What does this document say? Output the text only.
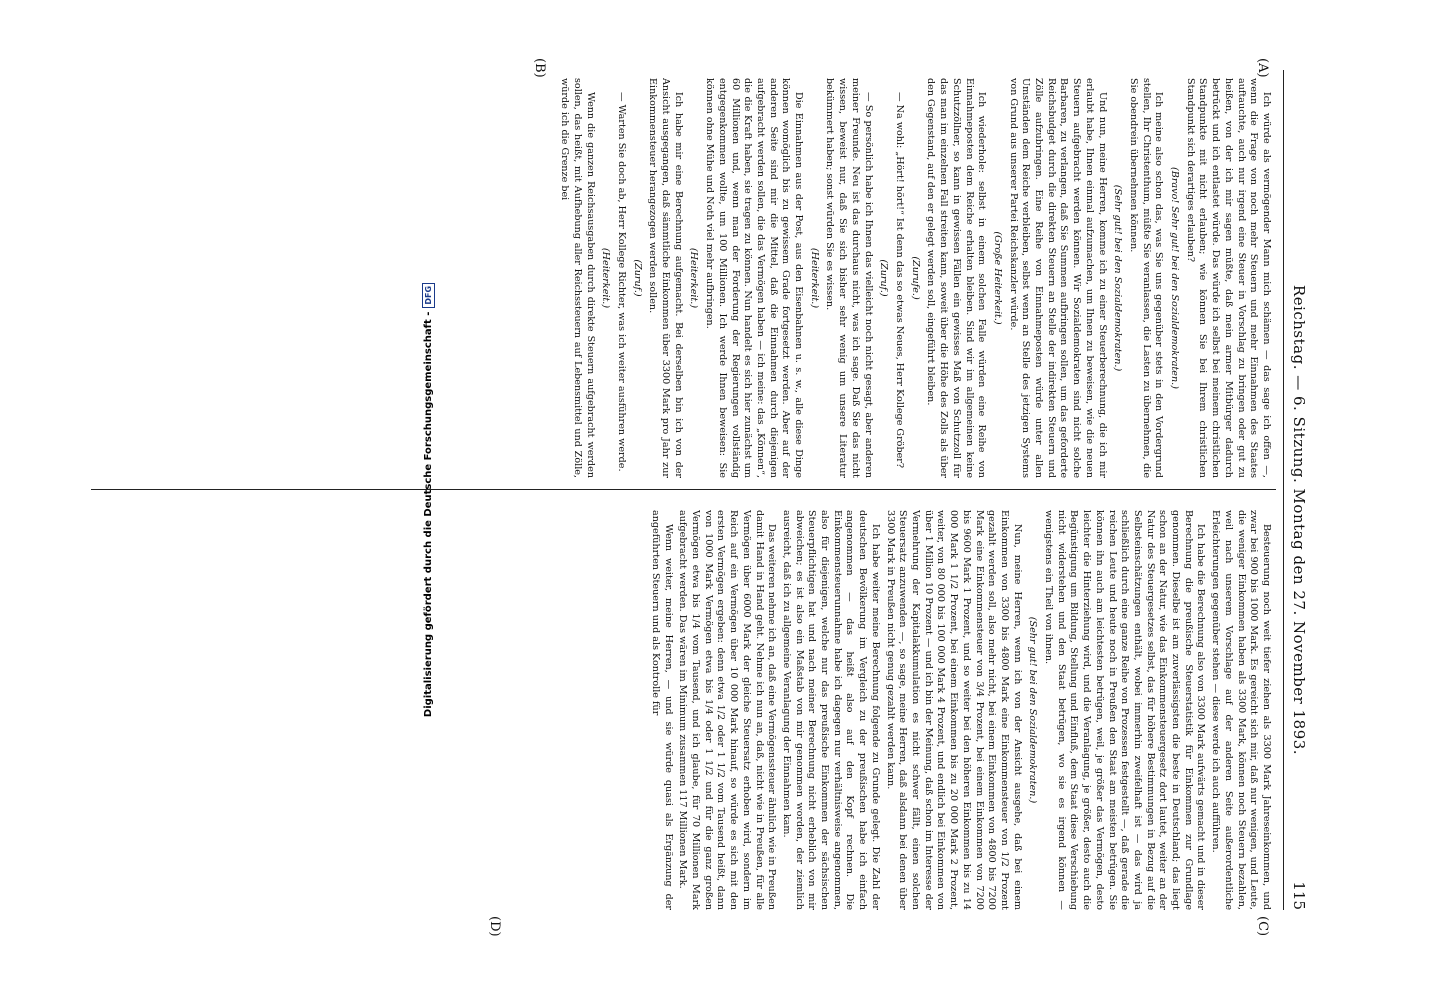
Reichstag. — 6. Sitzung. Montag den 27. November 1893.
115
(A)
(B)
(C)
(D)

Ich würde als vermögender Mann mich schämen — das sage ich offen —, wenn die Frage von noch mehr Steuern und mehr Einnahmen des Staates auftauchte, auch nur irgend eine Steuer in Vorschlag zu bringen oder gut zu heißen, von der ich mir sagen müßte, daß mein armer Mitbürger dadurch betrückt und ich entlastet würde. Das würde ich selbst bei meinem christlichen Standpunkte mit nicht erlauben; wie können Sie bei Ihrem christlichen Standpunkt sich derartiges erlauben?

(Bravo! Sehr gut! bei den Sozialdemokraten.)

Ich meine also schon das, was Sie uns gegenüber stets in den Vordergrund stellen, Ihr Christenthum, müßte Sie veranlassen, die Lasten zu übernehmen, die Sie obendrein übernehmen können.

(Sehr gut! bei den Sozialdemokraten.)

Und nun, meine Herren, komme ich zu einer Steuerberechnung, die ich mir erlaubt habe, Ihnen einmal aufzumachen, um Ihnen zu beweisen, wie die neuen Steuern aufgebracht werden können. Wir Sozialdemokraten sind nicht solche Barbaren, zu verlangen, daß Sie Summen aufbringen sollen, um das geforderte Reichsbudget durch die direkten Steuern an Stelle der indirekten Steuern und Zölle aufzubringen. Eine Reihe von Einnahmeposten würde unter allen Umständen dem Reiche verbleiben, selbst wenn an Stelle des jetzigen Systems von Grund aus unserer Partei Reichskanzler würde.

(Große Heiterkeit.)

Ich wiederhole: selbst in einem solchen Falle würden eine Reihe von Einnahmeposten dem Reiche erhalten bleiben. Sind wir im allgemeinen keine Schutzzöllner, so kann in gewissen Fällen ein gewisses Maß von Schutzzoll für das man im einzelnen Fall streiten kann, soweit über die Höhe des Zolls als über den Gegenstand, auf den er gelegt werden soll, eingeführt bleiben.

(Zurufe.)

— Na wohl: „Hört! hört!“ Ist denn das so etwas Neues, Herr Kollege Gröber?

(Zuruf.)

— So persönlich habe ich Ihnen das vielleicht noch nicht gesagt, aber anderen meiner Freunde. Neu ist das durchaus nicht, was ich sage. Daß Sie das nicht wissen, beweist nur, daß Sie sich bisher sehr wenig um unsere Literatur bekümmert haben; sonst würden Sie es wissen.

(Heiterkeit.)

Die Einnahmen aus der Post, aus den Eisenbahnen u. s. w., alle diese Dinge können womöglich bis zu gewissem Grade fortgesetzt werden. Aber auf der anderen Seite sind mir die Mittel, daß die Einnahmen durch diejenigen aufgebracht werden sollen, die das Vermögen haben — ich meine: das „Können“, die die Kraft haben, sie tragen zu können. Nun handelt es sich hier zunächst um 60 Millionen und, wenn man der Forderung der Regierungen vollständig entgegenkommen wollte, um 100 Millionen. Ich werde Ihnen beweisen: Sie können ohne Mühe und Noth viel mehr aufbringen.

(Heiterkeit.)

Ich habe mir eine Berechnung aufgemacht. Bei derselben bin ich von der Ansicht ausgegangen, daß sämmtliche Einkommen über 3300 Mark pro Jahr zur Einkommensteuer herangezogen werden sollen.

(Zuruf.)

— Warten Sie doch ab, Herr Kollege Richter, was ich weiter ausführen werde.

(Heiterkeit.)

Wenn die ganzen Reichsausgaben durch direkte Steuern aufgebracht werden sollen, das heißt, mit Aufhebung aller Reichssteuern auf Lebensmittel und Zölle, würde ich die Grenze bei

Besteuerung noch weit tiefer ziehen als 3300 Mark Jahreseinkommen, und zwar bei 900 bis 1000 Mark. Es gereicht sich mir, daß nur wenigen, und Leute, die weniger Einkommen haben als 3300 Mark, können noch Steuern bezahlen, weil nach unserem Vorschlage auf der anderen Seite außerordentliche Erleichterungen gegenüber stehen — diese werde ich auch aufführen.

Ich habe die Berechnung also von 3300 Mark aufwärts gemacht und in dieser Berechnung die preußische Steuerstatistik für Einkommen zur Grundlage genommen. Dieselbe ist am zuverlässigsten die beste in Deutschland; das liegt schon an der Natur, wie das Einkommensteuergesetz dort lautet, weiter an der Natur des Steuergesetzes selbst, das für höhere Bestimmungen in Bezug auf die Selbsteinschätzungen enthält, wobei immerhin zweifelhaft ist — das wird ja schließlich durch eine ganze Reihe von Prozessen festgestellt —, daß gerade die reichen Leute und heute noch in Preußen den Staat am meisten betrügen. Sie können ihn auch am leichtesten betrügen, weil, je größer das Vermögen, desto leichter die Hinterziehung wird, und die Veranlagung, je größer, desto auch die Begünstigung um Bildung, Stellung und Einfluß, dem Staat diese Verschiebung nicht widerstehen und den Staat betrügen, wo sie es irgend können — wenigstens ein Theil von ihnen.

(Sehr gut! bei den Sozialdemokraten.)

Nun, meine Herren, wenn ich von der Ansicht ausgehe, daß bei einem Einkommen von 3300 bis 4800 Mark eine Einkommensteuer von 1/2 Prozent gezahlt werden soll, also mehr nicht, bei einem Einkommen von 4800 bis 7200 Mark eine Einkommensteuer von 3/4 Prozent, bei einem Einkommen von 7200 bis 9600 Mark 1 Prozent, und so weiter bei den höheren Einkommen bis zu 14 000 Mark 1 1/2 Prozent, bei einem Einkommen bis zu 20 000 Mark 2 Prozent, weiter, von 80 000 bis 100 000 Mark 4 Prozent, und endlich bei Einkommen von über 1 Million 10 Prozent — und ich bin der Meinung, daß schon im Interesse der Vermehrung der Kapitalakkumulation es nicht schwer fällt, einen solchen Steuersatz anzuwenden —, so sage, meine Herren, daß alsdann bei denen über 3300 Mark in Preußen nicht genug gezahlt werden kann.

Ich habe weiter meine Berechnung folgende zu Grunde gelegt. Die Zahl der deutschen Bevölkerung im Vergleich zu der preußischen habe ich einfach angenommen — das heißt also auf den Kopf rechnen. Die Einkommensteuerunnahme habe ich dagegen nur verhältnisweise angenommen, also für diejenigen, welche nur das preußische Einkommen der sächsischen Steuerpflichtigen hat und nach meiner Berechnung nicht erheblich von mir abweichen; es ist also ein Maßstab von mir genommen worden, der ziemlich ausreicht, daß ich zu allgemeine Veranlagung der Einnahmen kam.

Das weiteren nehme ich an, daß eine Vermögenssteuer ähnlich wie in Preußen damit Hand in Hand geht. Nehme ich nun an, daß, nicht wie in Preußen, für alle Vermögen über 6000 Mark der gleiche Steuersatz erhoben wird, sondern im Reich auf ein Vermögen über 10 000 Mark hinauf, so würde es sich mit den ersten Vermögen ergeben: denn etwa 1/2 oder 1 1/2 vom Tausend heißt, dann von 1000 Mark Vermögen etwa bis 1/4 oder 1 1/2 und für die ganz großen Vermögen etwa bis 1/4 vom Tausend, und ich glaube, für 70 Millionen Mark aufgebracht werden. Das wären im Minimum zusammen 117 Millionen Mark.

Wenn weiter, meine Herren, — und sie würde quasi als Ergänzung der angeführten Steuern und als Kontrolle für

Digitalisierung gefördert durch die Deutsche Forschungsgemeinschaft -DFG
